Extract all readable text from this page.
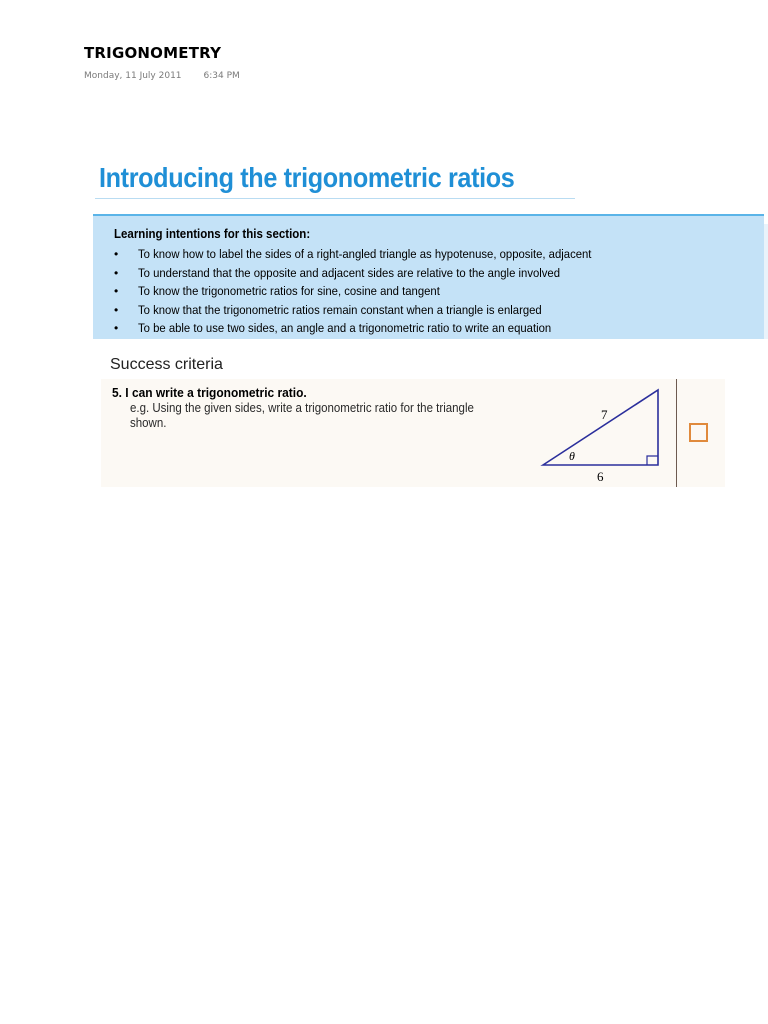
TRIGONOMETRY
Monday, 11 July 2011 6:34 PM
Introducing the trigonometric ratios
Learning intentions for this section:
• To know how to label the sides of a right-angled triangle as hypotenuse, opposite, adjacent
• To understand that the opposite and adjacent sides are relative to the angle involved
• To know the trigonometric ratios for sine, cosine and tangent
• To know that the trigonometric ratios remain constant when a triangle is enlarged
• To be able to use two sides, an angle and a trigonometric ratio to write an equation
Success criteria
5. I can write a trigonometric ratio.
e.g. Using the given sides, write a trigonometric ratio for the triangle shown.
7
6
θ
